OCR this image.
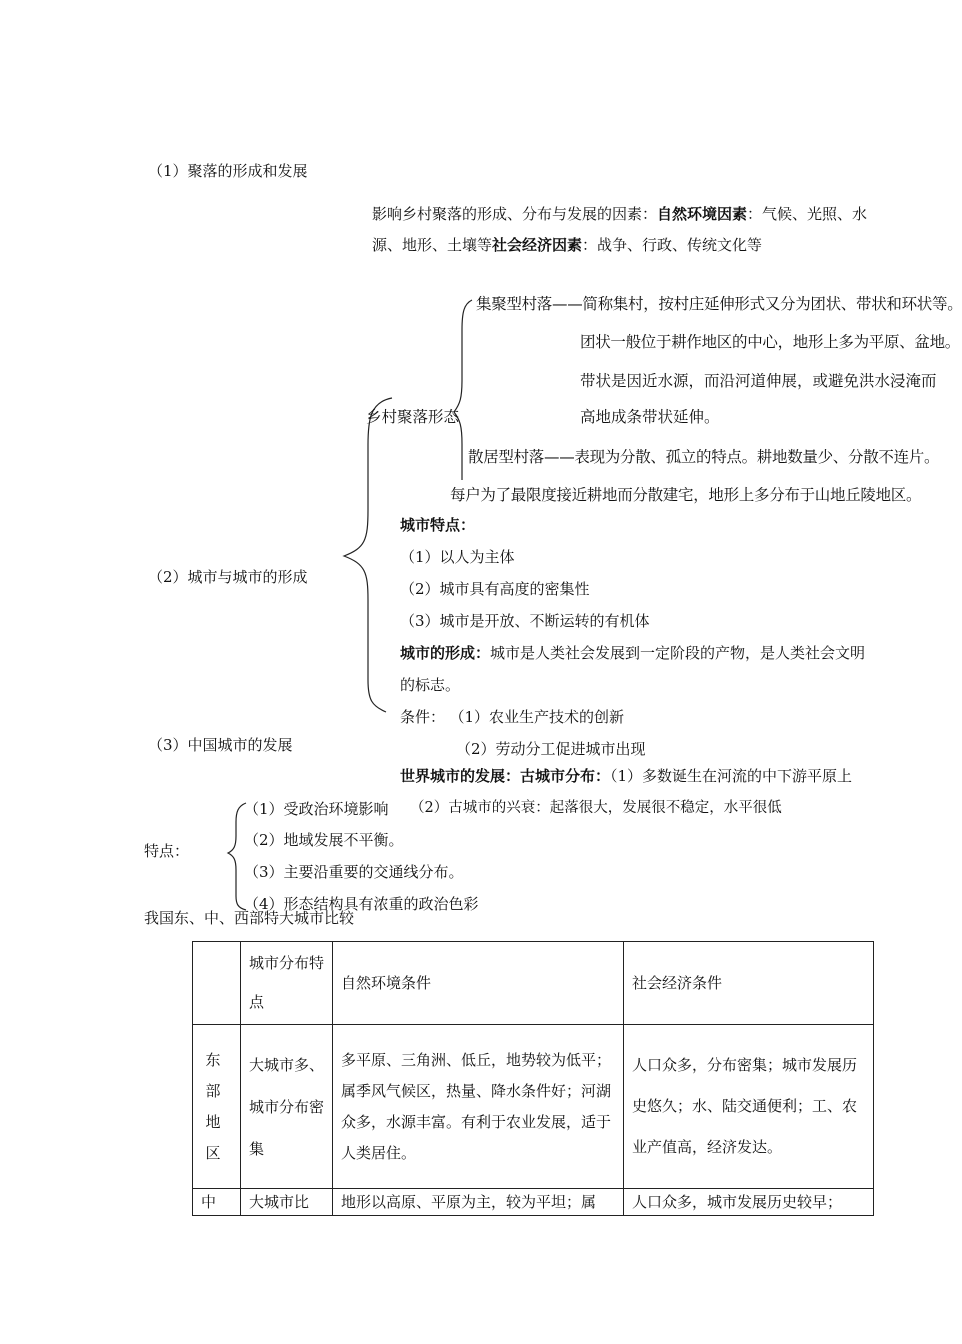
（1）聚落的形成和发展
影响乡村聚落的形成、分布与发展的因素：自然环境因素：气候、光照、水
源、地形、土壤等社会经济因素：战争、行政、传统文化等
乡村聚落形态
集聚型村落——简称集村，按村庄延伸形式又分为团状、带状和环状等。
团状一般位于耕作地区的中心，地形上多为平原、盆地。
带状是因近水源，而沿河道伸展，或避免洪水浸淹而
高地成条带状延伸。
散居型村落——表现为分散、孤立的特点。耕地数量少、分散不连片。
每户为了最限度接近耕地而分散建宅，地形上多分布于山地丘陵地区。
城市特点：
（1）以人为主体
（2）城市具有高度的密集性
（3）城市是开放、不断运转的有机体
城市的形成：城市是人类社会发展到一定阶段的产物，是人类社会文明
的标志。
条件： （1）农业生产技术的创新
（2）劳动分工促进城市出现
（2）城市与城市的形成
（3）中国城市的发展
世界城市的发展：古城市分布：（1）多数诞生在河流的中下游平原上
（1）受政治环境影响
（2）地域发展不平衡。
（3）主要沿重要的交通线分布。
（4）形态结构具有浓重的政治色彩
（2）古城市的兴衰：起落很大，发展很不稳定，水平很低
特点：
我国东、中、西部特大城市比较
	城市分布特点	自然环境条件	社会经济条件
东部地区	大城市多、城市分布密集	多平原、三角洲、低丘，地势较为低平；属季风气候区，热量、降水条件好；河湖众多，水源丰富。有利于农业发展，适于人类居住。	人口众多，分布密集；城市发展历史悠久；水、陆交通便利；工、农业产值高，经济发达。
中	大城市比	地形以高原、平原为主，较为平坦；属	人口众多，城市发展历史较早；
